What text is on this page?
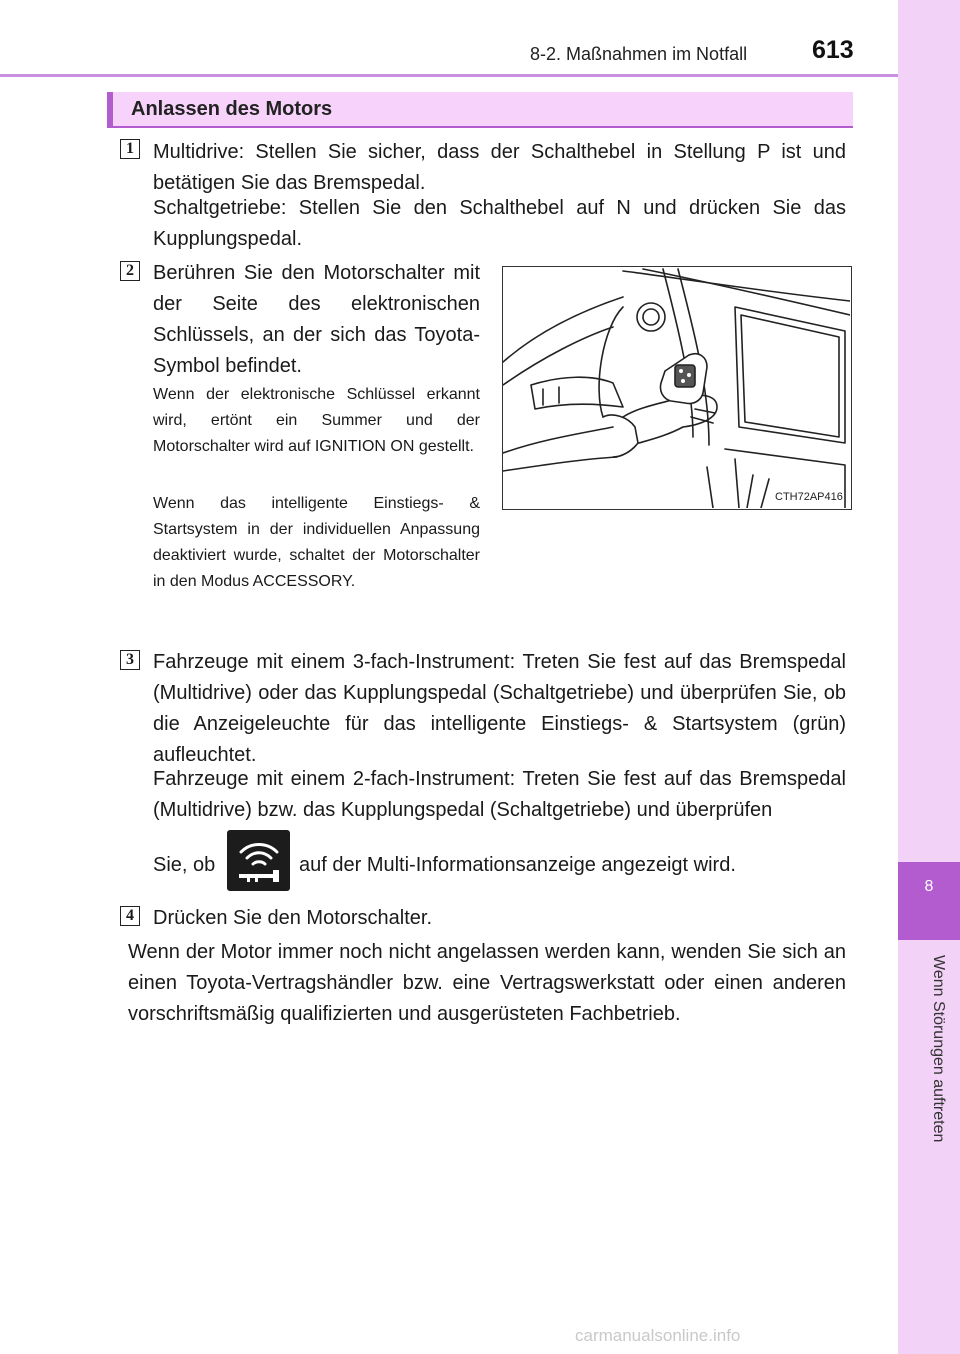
8-2. Maßnahmen im Notfall	613
8
Wenn Störungen auftreten
Anlassen des Motors
1 Multidrive: Stellen Sie sicher, dass der Schalthebel in Stellung P ist und betätigen Sie das Bremspedal.

Schaltgetriebe: Stellen Sie den Schalthebel auf N und drücken Sie das Kupplungspedal.

2 Berühren Sie den Motorschalter mit der Seite des elektronischen Schlüssels, an der sich das Toyota-Symbol befindet.

Wenn der elektronische Schlüssel erkannt wird, ertönt ein Summer und der Motorschalter wird auf IGNITION ON gestellt.

Wenn das intelligente Einstiegs- & Startsystem in der individuellen Anpassung deaktiviert wurde, schaltet der Motorschalter in den Modus ACCESSORY.

CTH72AP416
3 Fahrzeuge mit einem 3-fach-Instrument: Treten Sie fest auf das Bremspedal (Multidrive) oder das Kupplungspedal (Schaltgetriebe) und überprüfen Sie, ob die Anzeigeleuchte für das intelligente Einstiegs- & Startsystem (grün) aufleuchtet.

Fahrzeuge mit einem 2-fach-Instrument: Treten Sie fest auf das Bremspedal (Multidrive) bzw. das Kupplungspedal (Schaltgetriebe) und überprüfen

Sie, ob	auf der Multi-Informationsanzeige angezeigt wird.
4 Drücken Sie den Motorschalter.

Wenn der Motor immer noch nicht angelassen werden kann, wenden Sie sich an einen Toyota-Vertragshändler bzw. eine Vertragswerkstatt oder einen anderen vorschriftsmäßig qualifizierten und ausgerüsteten Fachbetrieb.

carmanualsonline.info
